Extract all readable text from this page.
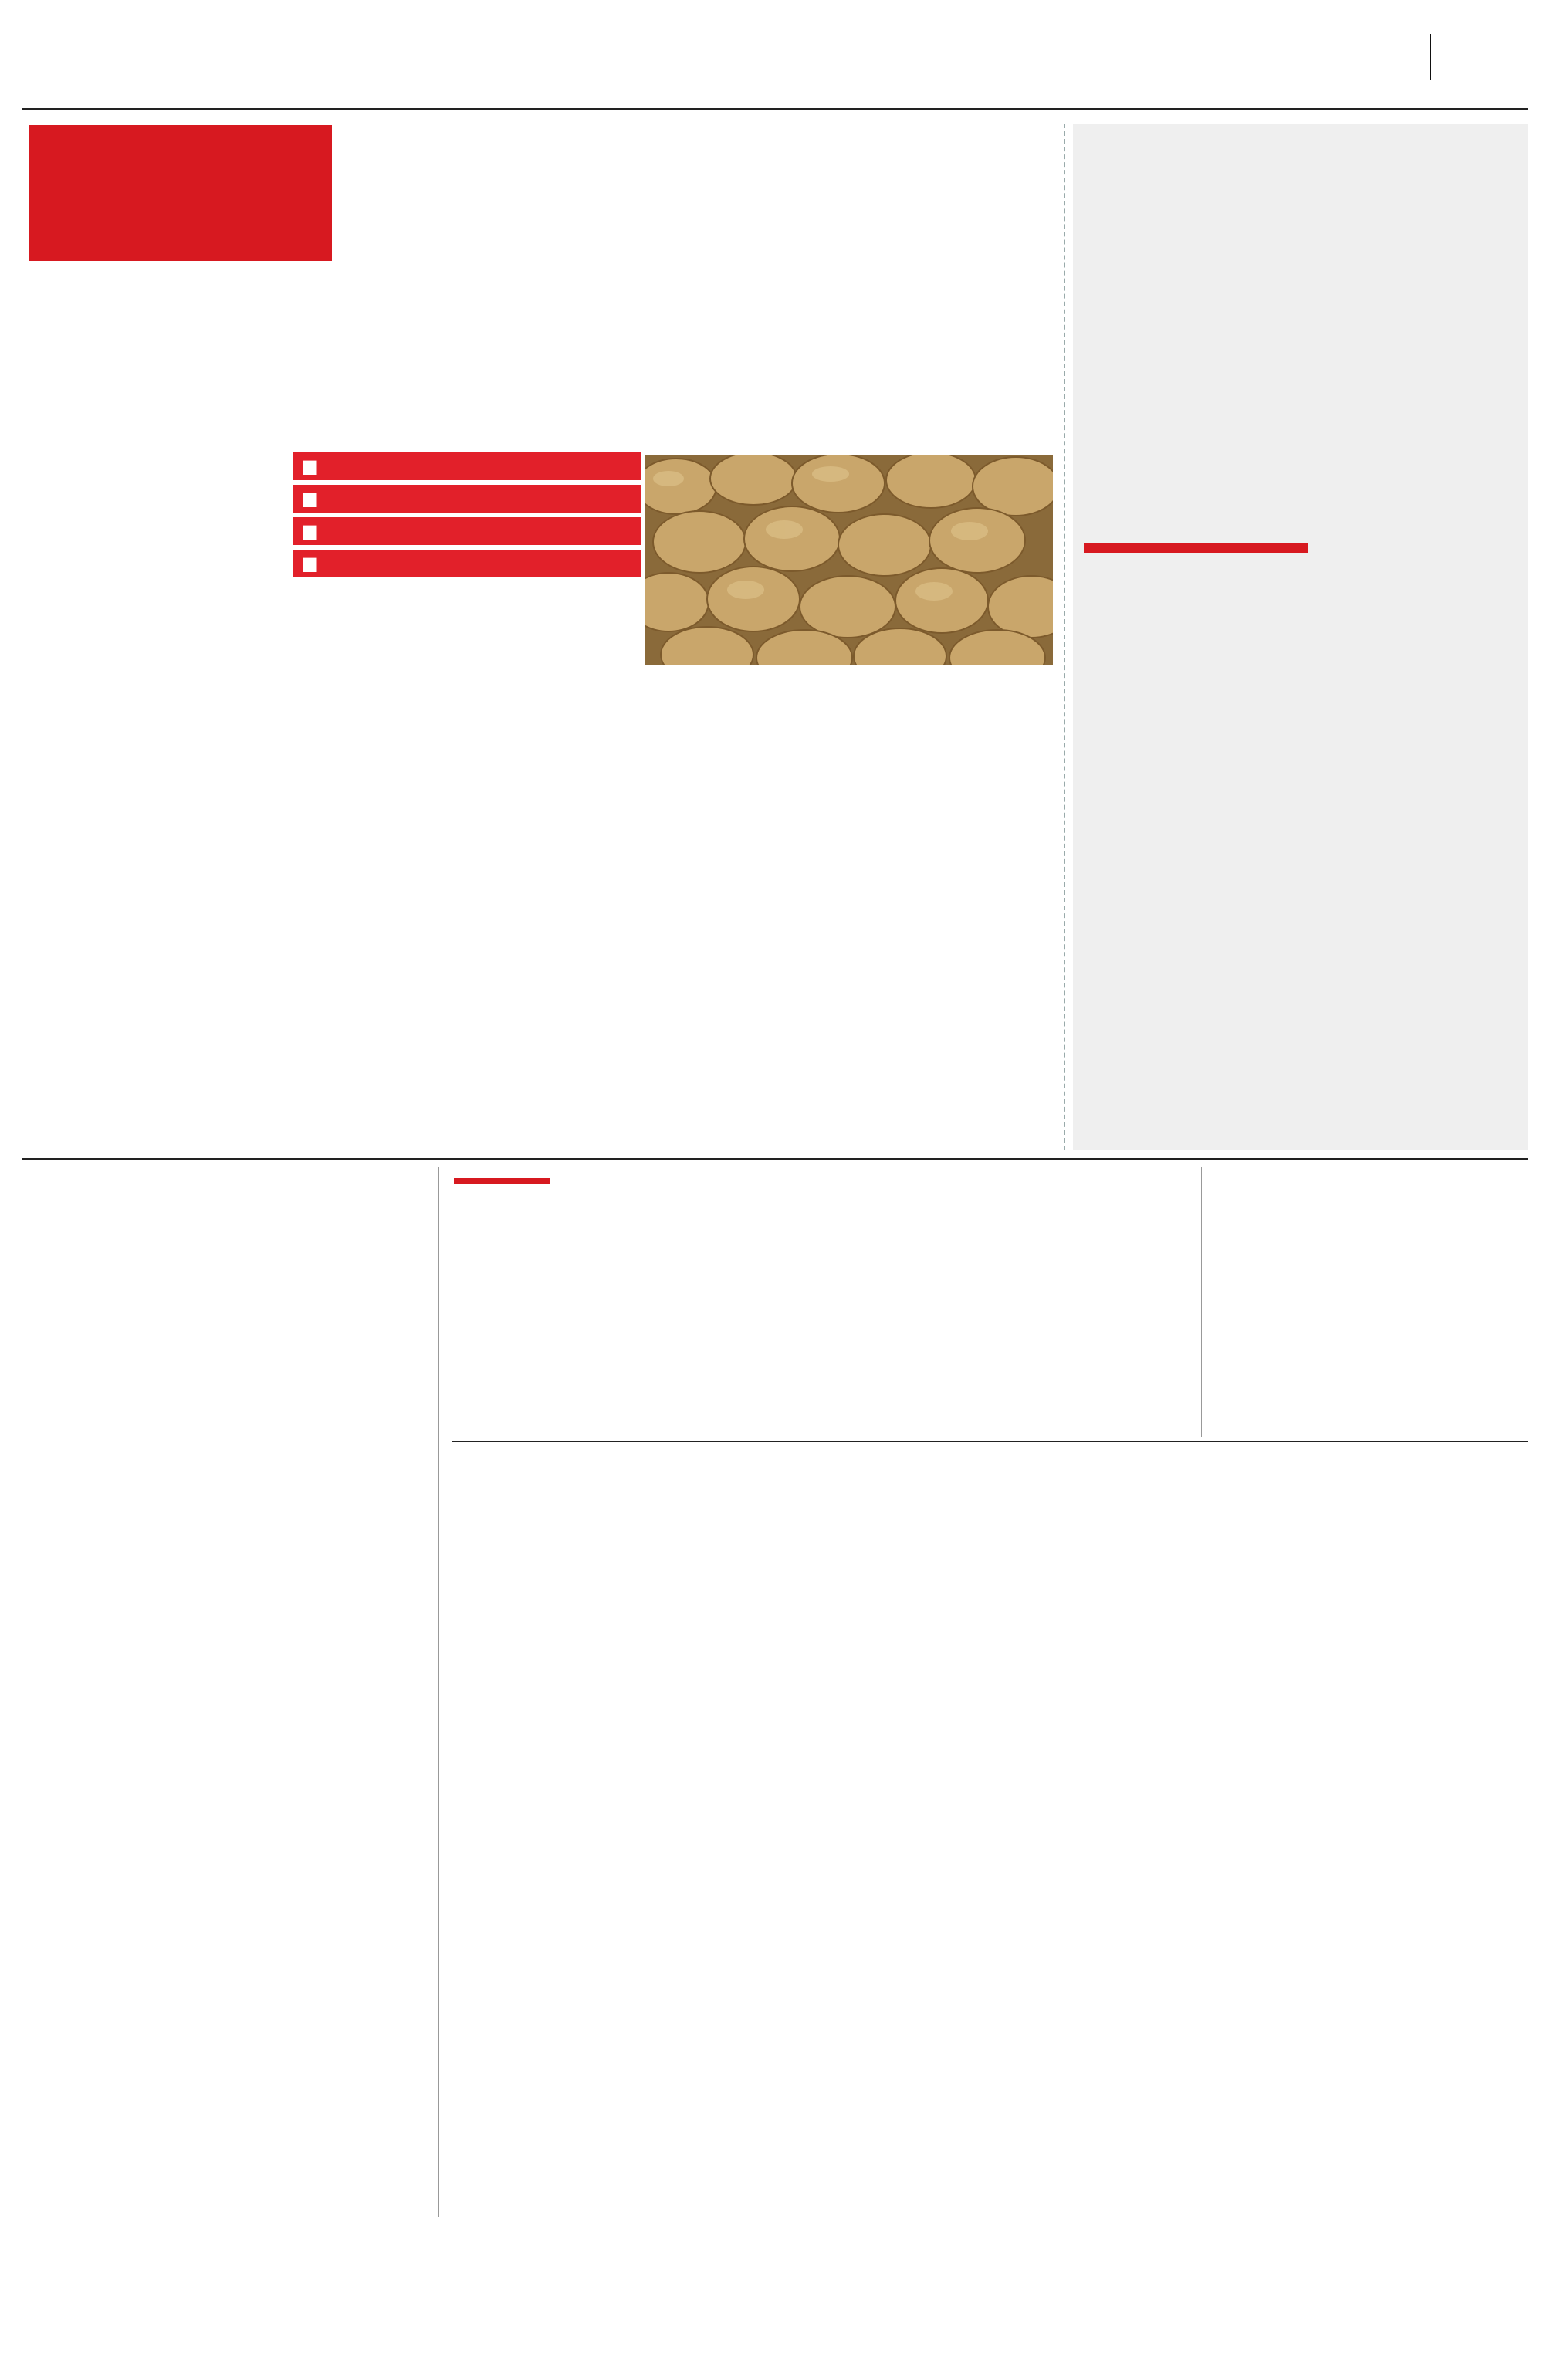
■
■
■
■
